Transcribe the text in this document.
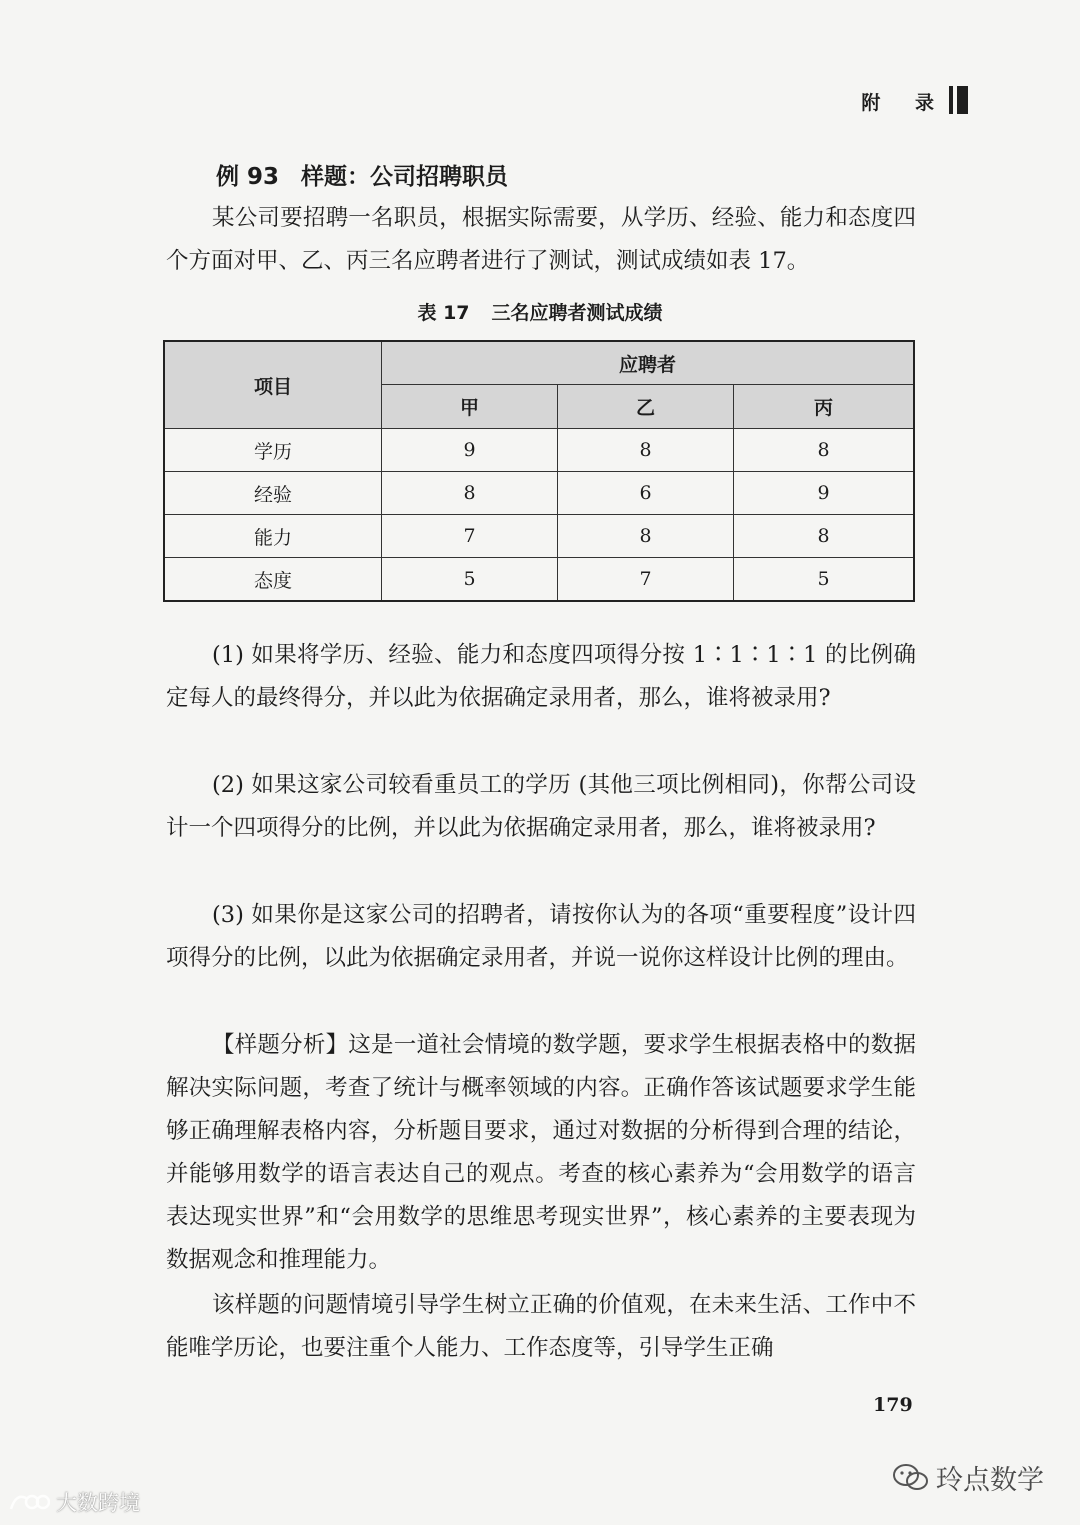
附 录
例 93 样题：公司招聘职员

某公司要招聘一名职员，根据实际需要，从学历、经验、能力和态度四个方面对甲、乙、丙三名应聘者进行了测试，测试成绩如表 17。

表 17 三名应聘者测试成绩
项目	应聘者		
	甲	乙	丙
学历	9	8	8
经验	8	6	9
能力	7	8	8
态度	5	7	5

(1) 如果将学历、经验、能力和态度四项得分按 1∶1∶1∶1 的比例确定每人的最终得分，并以此为依据确定录用者，那么，谁将被录用?

(2) 如果这家公司较看重员工的学历 (其他三项比例相同)，你帮公司设计一个四项得分的比例，并以此为依据确定录用者，那么，谁将被录用?

(3) 如果你是这家公司的招聘者，请按你认为的各项“重要程度”设计四项得分的比例，以此为依据确定录用者，并说一说你这样设计比例的理由。

【样题分析】这是一道社会情境的数学题，要求学生根据表格中的数据解决实际问题，考查了统计与概率领域的内容。正确作答该试题要求学生能够正确理解表格内容，分析题目要求，通过对数据的分析得到合理的结论，并能够用数学的语言表达自己的观点。考查的核心素养为“会用数学的语言表达现实世界”和“会用数学的思维思考现实世界”，核心素养的主要表现为数据观念和推理能力。

该样题的问题情境引导学生树立正确的价值观，在未来生活、工作中不能唯学历论，也要注重个人能力、工作态度等，引导学生正确

179
玲点数学
大数跨境
